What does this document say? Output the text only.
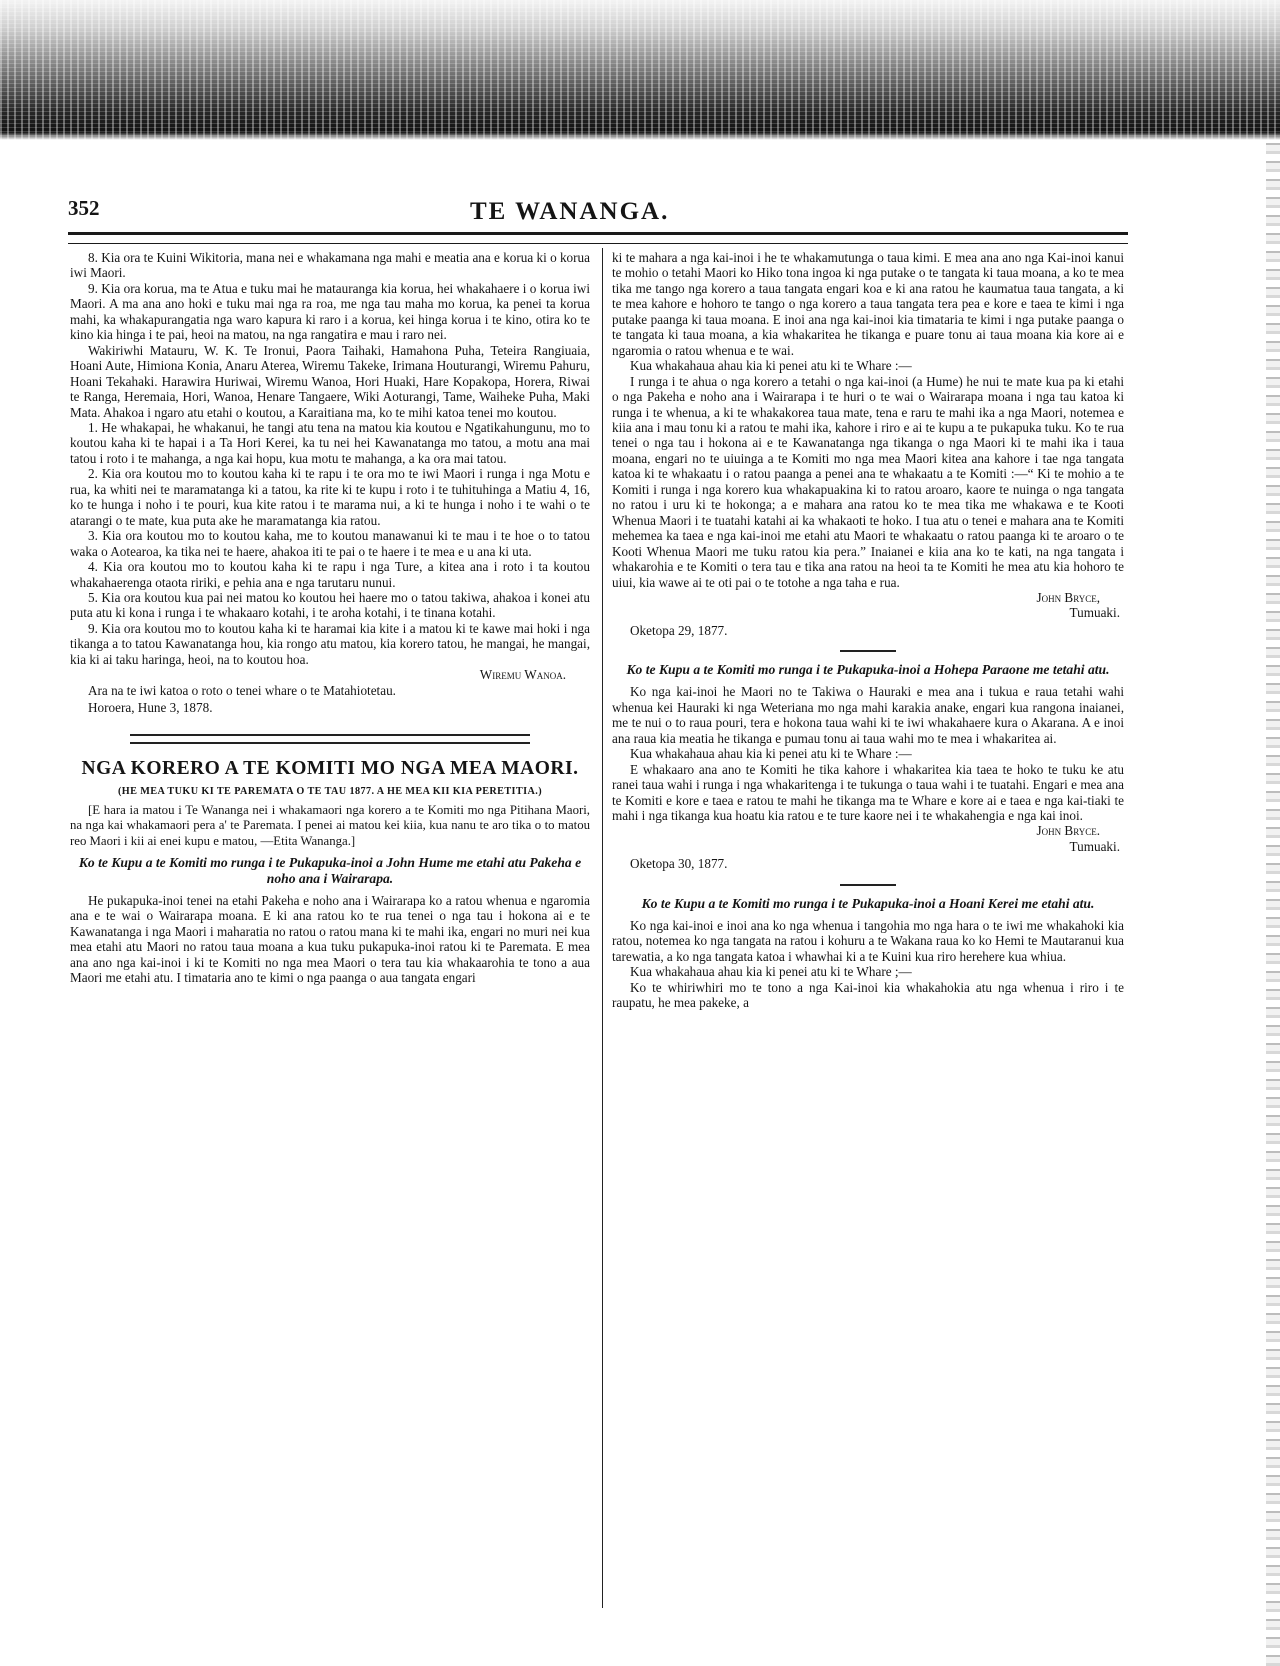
352	TE WANANGA.

8. Kia ora te Kuini Wikitoria, mana nei e whakamana nga mahi e meatia ana e koruа ki o korua iwi Maori.

9. Kia ora korua, ma te Atua e tuku mai he matauranga kia korua, hei whakahaere i o korua iwi Maori. A ma ana ano hoki e tuku mai nga ra roa, me nga tau maha mo korua, ka penei ta korua mahi, ka whakapurangatia nga waro kapura ki raro i a korua, kei hinga korua i te kino, otira ko te kino kia hinga i te pai, heoi na matou, na nga rangatira e mau i raro nei.

Wakiriwhi Matauru, W. K. Te Ironui, Paora Taihaki, Hamahona Puha, Teteira Rangiuaia, Hoani Aute, Himiona Konia, Anaru Aterea, Wiremu Takeke, Irimana Houturangi, Wiremu Pahuru, Hoani Tekahaki. Harawira Huriwai, Wiremu Wanoa, Hori Huaki, Hare Kopakopa, Horera, Riwai te Ranga, Heremaia, Hori, Wanoa, Henare Tangaere, Wiki Aoturangi, Tame, Waiheke Puha, Maki Mata. Ahakoa i ngaro atu etahi o koutou, a Karaitiana ma, ko te mihi katoa tenei mo koutou.

1. He whakapai, he whakanui, he tangi atu tena na matou kia koutou e Ngatikahungunu, mo to koutou kaha ki te hapai i a Ta Hori Kerei, ka tu nei hei Kawanatanga mo tatou, a motu ana mai tatou i roto i te mahanga, a nga kai hopu, kua motu te mahanga, a ka ora mai tatou.

2. Kia ora koutou mo to koutou kaha ki te rapu i te ora mo te iwi Maori i runga i nga Motu e rua, ka whiti nei te maramatanga ki a tatou, ka rite ki te kupu i roto i te tuhituhinga a Matiu 4, 16, ko te hunga i noho i te pouri, kua kite ratou i te marama nui, a ki te hunga i noho i te wahi o te atarangi o te mate, kua puta ake he maramatanga kia ratou.

3. Kia ora koutou mo to koutou kaha, me to koutou manawanui ki te mau i te hoe o to tatou waka o Aotearoa, ka tika nei te haere, ahakoa iti te pai o te haere i te mea e u ana ki uta.

4. Kia ora koutou mo to koutou kaha ki te rapu i nga Ture, a kitea ana i roto i ta koutou whakahaerenga otaota ririki, e pehia ana e nga tarutaru nunui.

5. Kia ora koutou kua pai nei matou ko koutou hei haere mo o tatou takiwa, ahakoa i konei atu puta atu ki kona i runga i te whakaaro kotahi, i te aroha kotahi, i te tinana kotahi.

9. Kia ora koutou mo to koutou kaha ki te haramai kia kite i a matou ki te kawe mai hoki i nga tikanga a to tatou Kawanatanga hou, kia rongo atu matou, kia korero tatou, he mangai, he mangai, kia ki ai taku haringa, heoi, na to koutou hoa.

Wiremu Wanoa.

Ara na te iwi katoa o roto o tenei whare o te Matahiotetau.

Horoera, Hune 3, 1878.

NGA KORERO A TE KOMITI MO NGA MEA MAORI.

(HE MEA TUKU KI TE PAREMATA O TE TAU 1877. A HE MEA KII KIA PERETITIA.)

[E hara ia matou i Te Wananga nei i whakamaori nga korero a te Komiti mo nga Pitihana Maori, na nga kai whakamaori pera a' te Paremata. I penei ai matou kei kiia, kua nanu te aro tika o to matou reo Maori i kii ai enei kupu e matou, —Etita Wananga.]

Ko te Kupu a te Komiti mo runga i te Pukapuka-inoi a John Hume me etahi atu Pakeha e noho ana i Wairarapa.

He pukapuka-inoi tenei na etahi Pakeha e noho ana i Wairarapa ko a ratou whenua e ngaromia ana e te wai o Wairarapa moana. E ki ana ratou ko te rua tenei o nga tau i hokona ai e te Kawanatanga i nga Maori i maharatia no ratou o ratou mana ki te mahi ika, engari no muri nei kua mea etahi atu Maori no ratou taua moana a kua tuku pukapuka-inoi ratou ki te Paremata. E mea ana ano nga kai-inoi i ki te Komiti no nga mea Maori o tera tau kia whakaarohia te tono a aua Maori me etahi atu. I timataria ano te kimi o nga paanga o aua tangata engari

ki te mahara a nga kai-inoi i he te whakamutunga o taua kimi. E mea ana ano nga Kai-inoi kanui te mohio o tetahi Maori ko Hiko tona ingoa ki nga putake o te tangata ki taua moana, a ko te mea tika me tango nga korero a taua tangata engari koa e ki ana ratou he kaumatua taua tangata, a ki te mea kahore e hohoro te tango o nga korero a taua tangata tera pea e kore e taea te kimi i nga putake paanga ki taua moana. E inoi ana nga kai-inoi kia timataria te kimi i nga putake paanga o te tangata ki taua moana, a kia whakaritea he tikanga e puare tonu ai taua moana kia kore ai e ngaromia o ratou whenua e te wai.

Kua whakahaua ahau kia ki penei atu ki te Whare :—

I runga i te ahua o nga korero a tetahi o nga kai-inoi (a Hume) he nui te mate kua pa ki etahi o nga Pakeha e noho ana i Wairarapa i te huri o te wai o Wairarapa moana i nga tau katoa ki runga i te whenua, a ki te whakakorea taua mate, tena e raru te mahi ika a nga Maori, notemea e kiia ana i mau tonu ki a ratou te mahi ika, kahore i riro e ai te kupu a te pukapuka tuku. Ko te rua tenei o nga tau i hokona ai e te Kawanatanga nga tikanga o nga Maori ki te mahi ika i taua moana, engari no te uiuinga a te Komiti mo nga mea Maori kitea ana kahore i tae nga tangata katoa ki te whakaatu i o ratou paanga a penei ana te whakaatu a te Komiti :—“ Ki te mohio a te Komiti i runga i nga korero kua whakapuakina ki to ratou aroaro, kaore te nuinga o nga tangata no ratou i uru ki te hokonga; a e mahara ana ratou ko te mea tika me whakawa e te Kooti Whenua Maori i te tuatahi katahi ai ka whakaoti te hoko. I tua atu o tenei e mahara ana te Komiti mehemea ka taea e nga kai-inoi me etahi atu Maori te whakaatu o ratou paanga ki te aroaro o te Kooti Whenua Maori me tuku ratou kia pera.” Inaianei e kiia ana ko te kati, na nga tangata i whakarohia e te Komiti o tera tau e tika ana ratou na heoi ta te Komiti he mea atu kia hohoro te uiui, kia wawe ai te oti pai o te totohe a nga taha e rua.

John Bryce,

Tumuaki.

Oketopa 29, 1877.

Ko te Kupu a te Komiti mo runga i te Pukapuka-inoi a Hohepa Paraone me tetahi atu.

Ko nga kai-inoi he Maori no te Takiwa o Hauraki e mea ana i tukua e raua tetahi wahi whenua kei Hauraki ki nga Weteriana mo nga mahi karakia anake, engari kua rangona inaianei, me te nui o to raua pouri, tera e hokona taua wahi ki te iwi whakahaere kura o Akarana. A e inoi ana raua kia meatia he tikanga e pumau tonu ai taua wahi mo te mea i whakaritea ai.

Kua whakahaua ahau kia ki penei atu ki te Whare :—

E whakaaro ana ano te Komiti he tika kahore i whakaritea kia taea te hoko te tuku ke atu ranei taua wahi i runga i nga whakaritenga i te tukunga o taua wahi i te tuatahi. Engari e mea ana te Komiti e kore e taea e ratou te mahi he tikanga ma te Whare e kore ai e taea e nga kai-tiaki te mahi i nga tikanga kua hoatu kia ratou e te ture kaore nei i te whakahengia e nga kai inoi.

John Bryce.

Tumuaki.

Oketopa 30, 1877.

Ko te Kupu a te Komiti mo runga i te Pukapuka-inoi a Hoani Kerei me etahi atu.

Ko nga kai-inoi e inoi ana ko nga whenua i tangohia mo nga hara o te iwi me whakahoki kia ratou, notemea ko nga tangata na ratou i kohuru a te Wakana raua ko ko Hemi te Mautaranui kua tarewatia, a ko nga tangata katoa i whawhai ki a te Kuini kua riro herehere kua whiua.

Kua whakahaua ahau kia ki penei atu ki te Whare ;—

Ko te whiriwhiri mo te tono a nga Kai-inoi kia whakahokia atu nga whenua i riro i te raupatu, he mea pakeke, a
